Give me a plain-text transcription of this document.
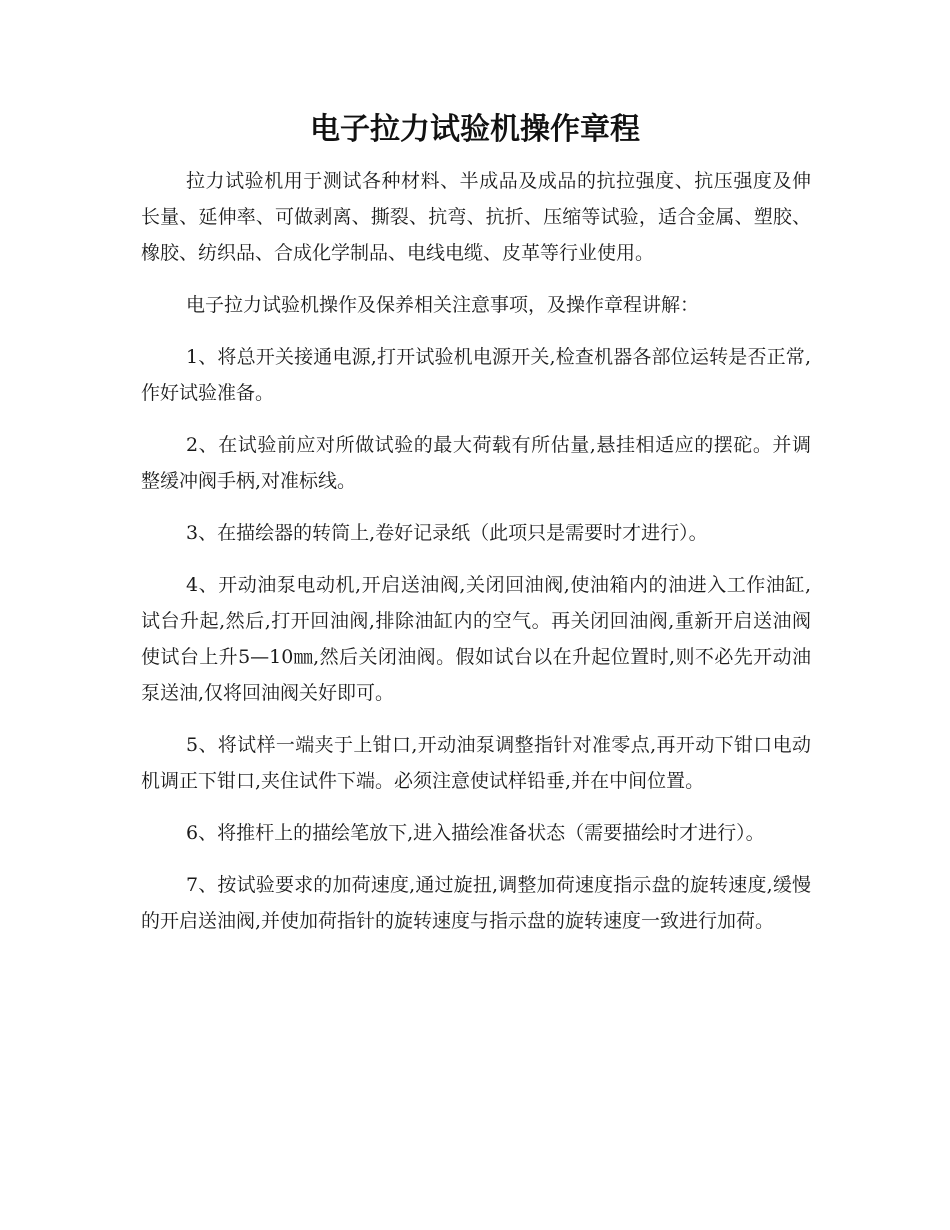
电子拉力试验机操作章程

拉力试验机用于测试各种材料、半成品及成品的抗拉强度、抗压强度及伸长量、延伸率、可做剥离、撕裂、抗弯、抗折、压缩等试验，适合金属、塑胶、橡胶、纺织品、合成化学制品、电线电缆、皮革等行业使用。

电子拉力试验机操作及保养相关注意事项，及操作章程讲解：

1、将总开关接通电源,打开试验机电源开关,检查机器各部位运转是否正常,作好试验准备。

2、在试验前应对所做试验的最大荷载有所估量,悬挂相适应的摆砣。并调整缓冲阀手柄,对准标线。

3、在描绘器的转筒上,卷好记录纸（此项只是需要时才进行）。

4、开动油泵电动机,开启送油阀,关闭回油阀,使油箱内的油进入工作油缸,试台升起,然后,打开回油阀,排除油缸内的空气。再关闭回油阀,重新开启送油阀使试台上升5—10㎜,然后关闭油阀。假如试台以在升起位置时,则不必先开动油泵送油,仅将回油阀关好即可。

5、将试样一端夹于上钳口,开动油泵调整指针对准零点,再开动下钳口电动机调正下钳口,夹住试件下端。必须注意使试样铅垂,并在中间位置。

6、将推杆上的描绘笔放下,进入描绘准备状态（需要描绘时才进行）。

7、按试验要求的加荷速度,通过旋扭,调整加荷速度指示盘的旋转速度,缓慢的开启送油阀,并使加荷指针的旋转速度与指示盘的旋转速度一致进行加荷。
